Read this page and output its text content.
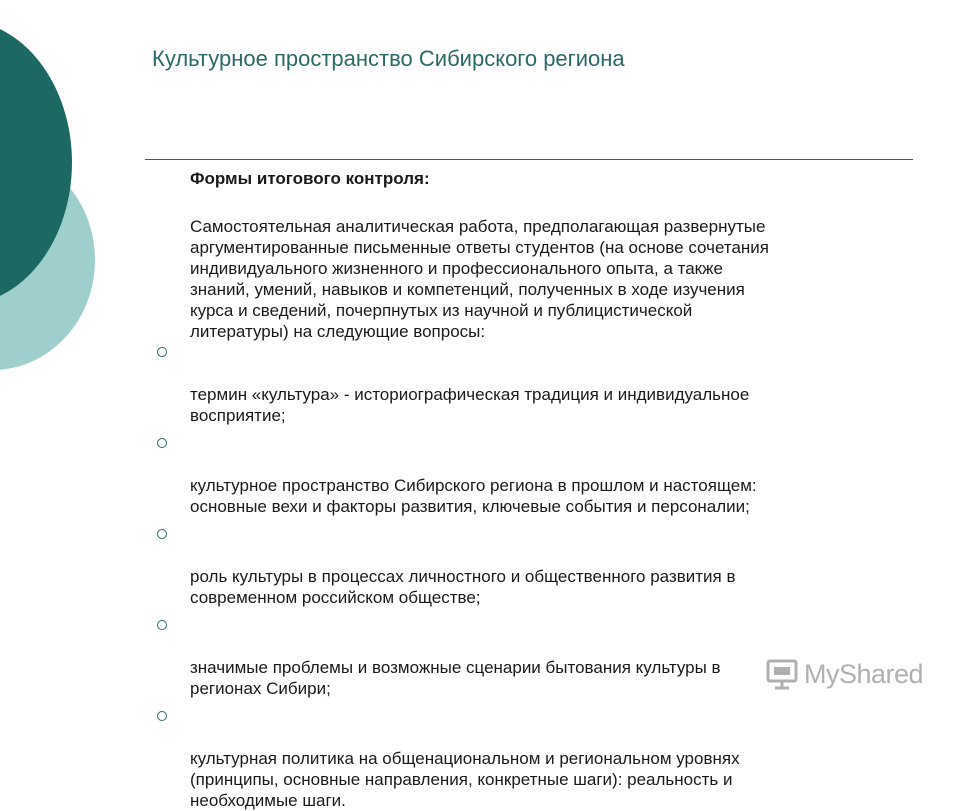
Культурное пространство Сибирского региона

Формы итогового контроля:

Самостоятельная аналитическая работа, предполагающая развернутые
аргументированные письменные ответы студентов (на основе сочетания
индивидуального жизненного и профессионального опыта, а также
знаний, умений, навыков и компетенций, полученных в ходе изучения
курса и сведений, почерпнутых из научной и публицистической
литературы) на следующие вопросы:

термин «культура» - историографическая традиция и индивидуальное
восприятие;

культурное пространство Сибирского региона в прошлом и настоящем:
основные вехи и факторы развития, ключевые события и персоналии;

роль культуры в процессах личностного и общественного развития в
современном российском обществе;

значимые проблемы и возможные сценарии бытования культуры в
регионах Сибири;

культурная политика на общенациональном и региональном уровнях
(принципы, основные направления, конкретные шаги): реальность и
необходимые шаги.

MyShared
